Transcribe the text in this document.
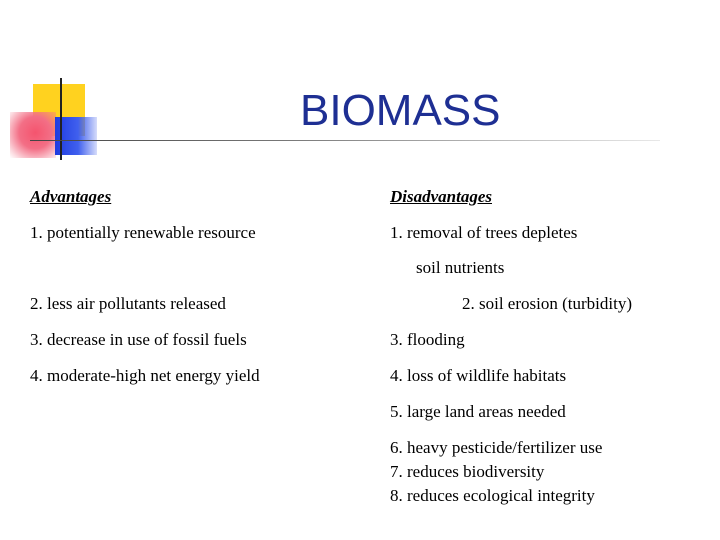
BIOMASS
Advantages	Disadvantages
1. potentially renewable resource
2. less air pollutants released
3. decrease in use of fossil fuels
4. moderate-high net energy yield
1. removal of trees depletes
soil nutrients
2. soil erosion (turbidity)
3. flooding
4. loss of wildlife habitats
5. large land areas needed
6. heavy pesticide/fertilizer use
7. reduces biodiversity
8. reduces ecological integrity
